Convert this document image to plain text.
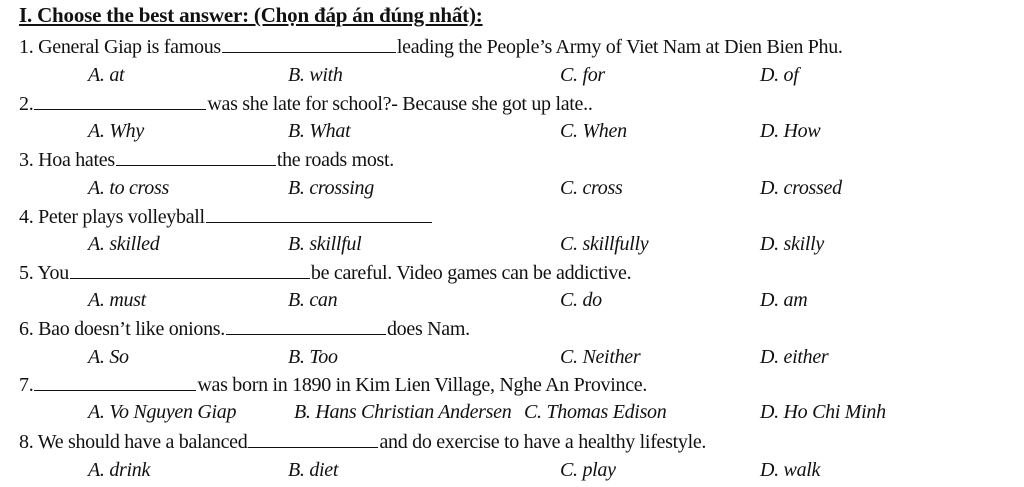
I. Choose the best answer: (Chọn đáp án đúng nhất):
1. General Giap is famous	leading the People’s Army of Viet Nam at Dien Bien Phu.
A. at	B. with	C. for	D. of
2.	was she late for school?- Because she got up late..
A. Why	B. What	C. When	D. How
3. Hoa hates	the roads most.
A. to cross	B. crossing	C. cross	D. crossed
4. Peter plays volleyball
A. skilled	B. skillful	C. skillfully	D. skilly
5. You	be careful. Video games can be addictive.
A. must	B. can	C. do	D. am
6. Bao doesn’t like onions.	does Nam.
A. So	B. Too	C. Neither	D. either
7.	was born in 1890 in Kim Lien Village, Nghe An Province.
A. Vo Nguyen Giap	B. Hans Christian Andersen C. Thomas Edison	D. Ho Chi Minh
8. We should have a balanced	and do exercise to have a healthy lifestyle.
A. drink	B. diet	C. play	D. walk
